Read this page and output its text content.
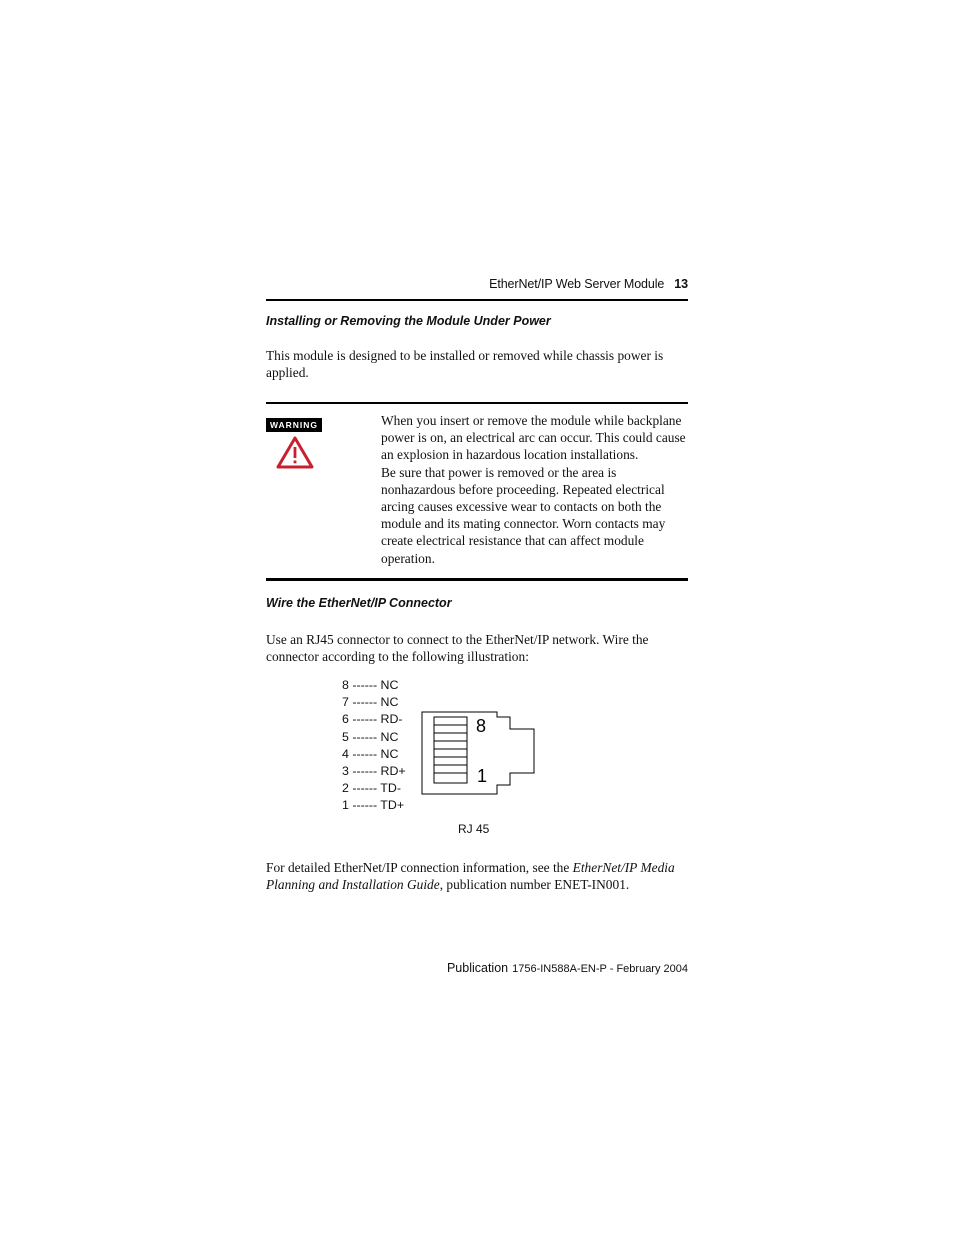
EtherNet/IP Web Server Module 13
Installing or Removing the Module Under Power
This module is designed to be installed or removed while chassis power is applied.
WARNING	When you insert or remove the module while backplane power is on, an electrical arc can occur. This could cause an explosion in hazardous location installations.

Be sure that power is removed or the area is nonhazardous before proceeding. Repeated electrical arcing causes excessive wear to contacts on both the module and its mating connector. Worn contacts may create electrical resistance that can affect module operation.

Wire the EtherNet/IP Connector
Use an RJ45 connector to connect to the EtherNet/IP network. Wire the connector according to the following illustration:
8 ------ NC
7 ------ NC
6 ------ RD-
5 ------ NC
4 ------ NC
3 ------ RD+
2 ------ TD-
1 ------ TD+
8
1
RJ 45
For detailed EtherNet/IP connection information, see the EtherNet/IP Media Planning and Installation Guide, publication number ENET-IN001.
Publication 1756-IN588A-EN-P - February 2004
